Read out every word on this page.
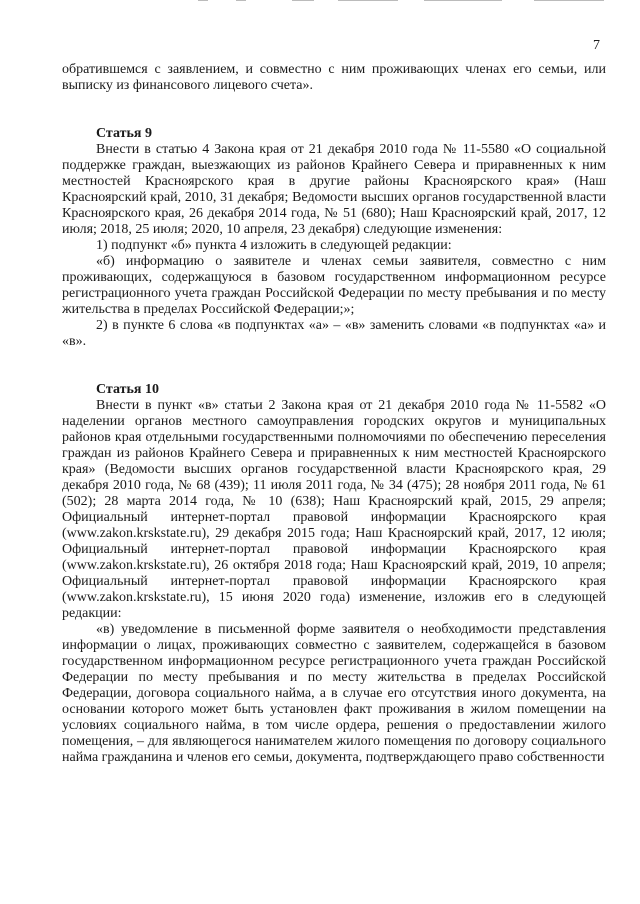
7

обратившемся с заявлением, и совместно с ним проживающих членах его семьи, или выписку из финансового лицевого счета».

Статья 9

Внести в статью 4 Закона края от 21 декабря 2010 года № 11-5580 «О социальной поддержке граждан, выезжающих из районов Крайнего Севера и приравненных к ним местностей Красноярского края в другие районы Красноярского края» (Наш Красноярский край, 2010, 31 декабря; Ведомости высших органов государственной власти Красноярского края, 26 декабря 2014 года, № 51 (680); Наш Красноярский край, 2017, 12 июля; 2018, 25 июля; 2020, 10 апреля, 23 декабря) следующие изменения:

1) подпункт «б» пункта 4 изложить в следующей редакции:

«б) информацию о заявителе и членах семьи заявителя, совместно с ним проживающих, содержащуюся в базовом государственном информационном ресурсе регистрационного учета граждан Российской Федерации по месту пребывания и по месту жительства в пределах Российской Федерации;»;

2) в пункте 6 слова «в подпунктах «а» – «в» заменить словами «в подпунктах «а» и «в».

Статья 10

Внести в пункт «в» статьи 2 Закона края от 21 декабря 2010 года № 11-5582 «О наделении органов местного самоуправления городских округов и муниципальных районов края отдельными государственными полномочиями по обеспечению переселения граждан из районов Крайнего Севера и приравненных к ним местностей Красноярского края» (Ведомости высших органов государственной власти Красноярского края, 29 декабря 2010 года, № 68 (439); 11 июля 2011 года, № 34 (475); 28 ноября 2011 года, № 61 (502); 28 марта 2014 года, № 10 (638); Наш Красноярский край, 2015, 29 апреля; Официальный интернет-портал правовой информации Красноярского края (www.zakon.krskstate.ru), 29 декабря 2015 года; Наш Красноярский край, 2017, 12 июля; Официальный интернет-портал правовой информации Красноярского края (www.zakon.krskstate.ru), 26 октября 2018 года; Наш Красноярский край, 2019, 10 апреля; Официальный интернет-портал правовой информации Красноярского края (www.zakon.krskstate.ru), 15 июня 2020 года) изменение, изложив его в следующей редакции:

«в) уведомление в письменной форме заявителя о необходимости представления информации о лицах, проживающих совместно с заявителем, содержащейся в базовом государственном информационном ресурсе регистрационного учета граждан Российской Федерации по месту пребывания и по месту жительства в пределах Российской Федерации, договора социального найма, а в случае его отсутствия иного документа, на основании которого может быть установлен факт проживания в жилом помещении на условиях социального найма, в том числе ордера, решения о предоставлении жилого помещения, – для являющегося нанимателем жилого помещения по договору социального найма гражданина и членов его семьи, документа, подтверждающего право собственности
